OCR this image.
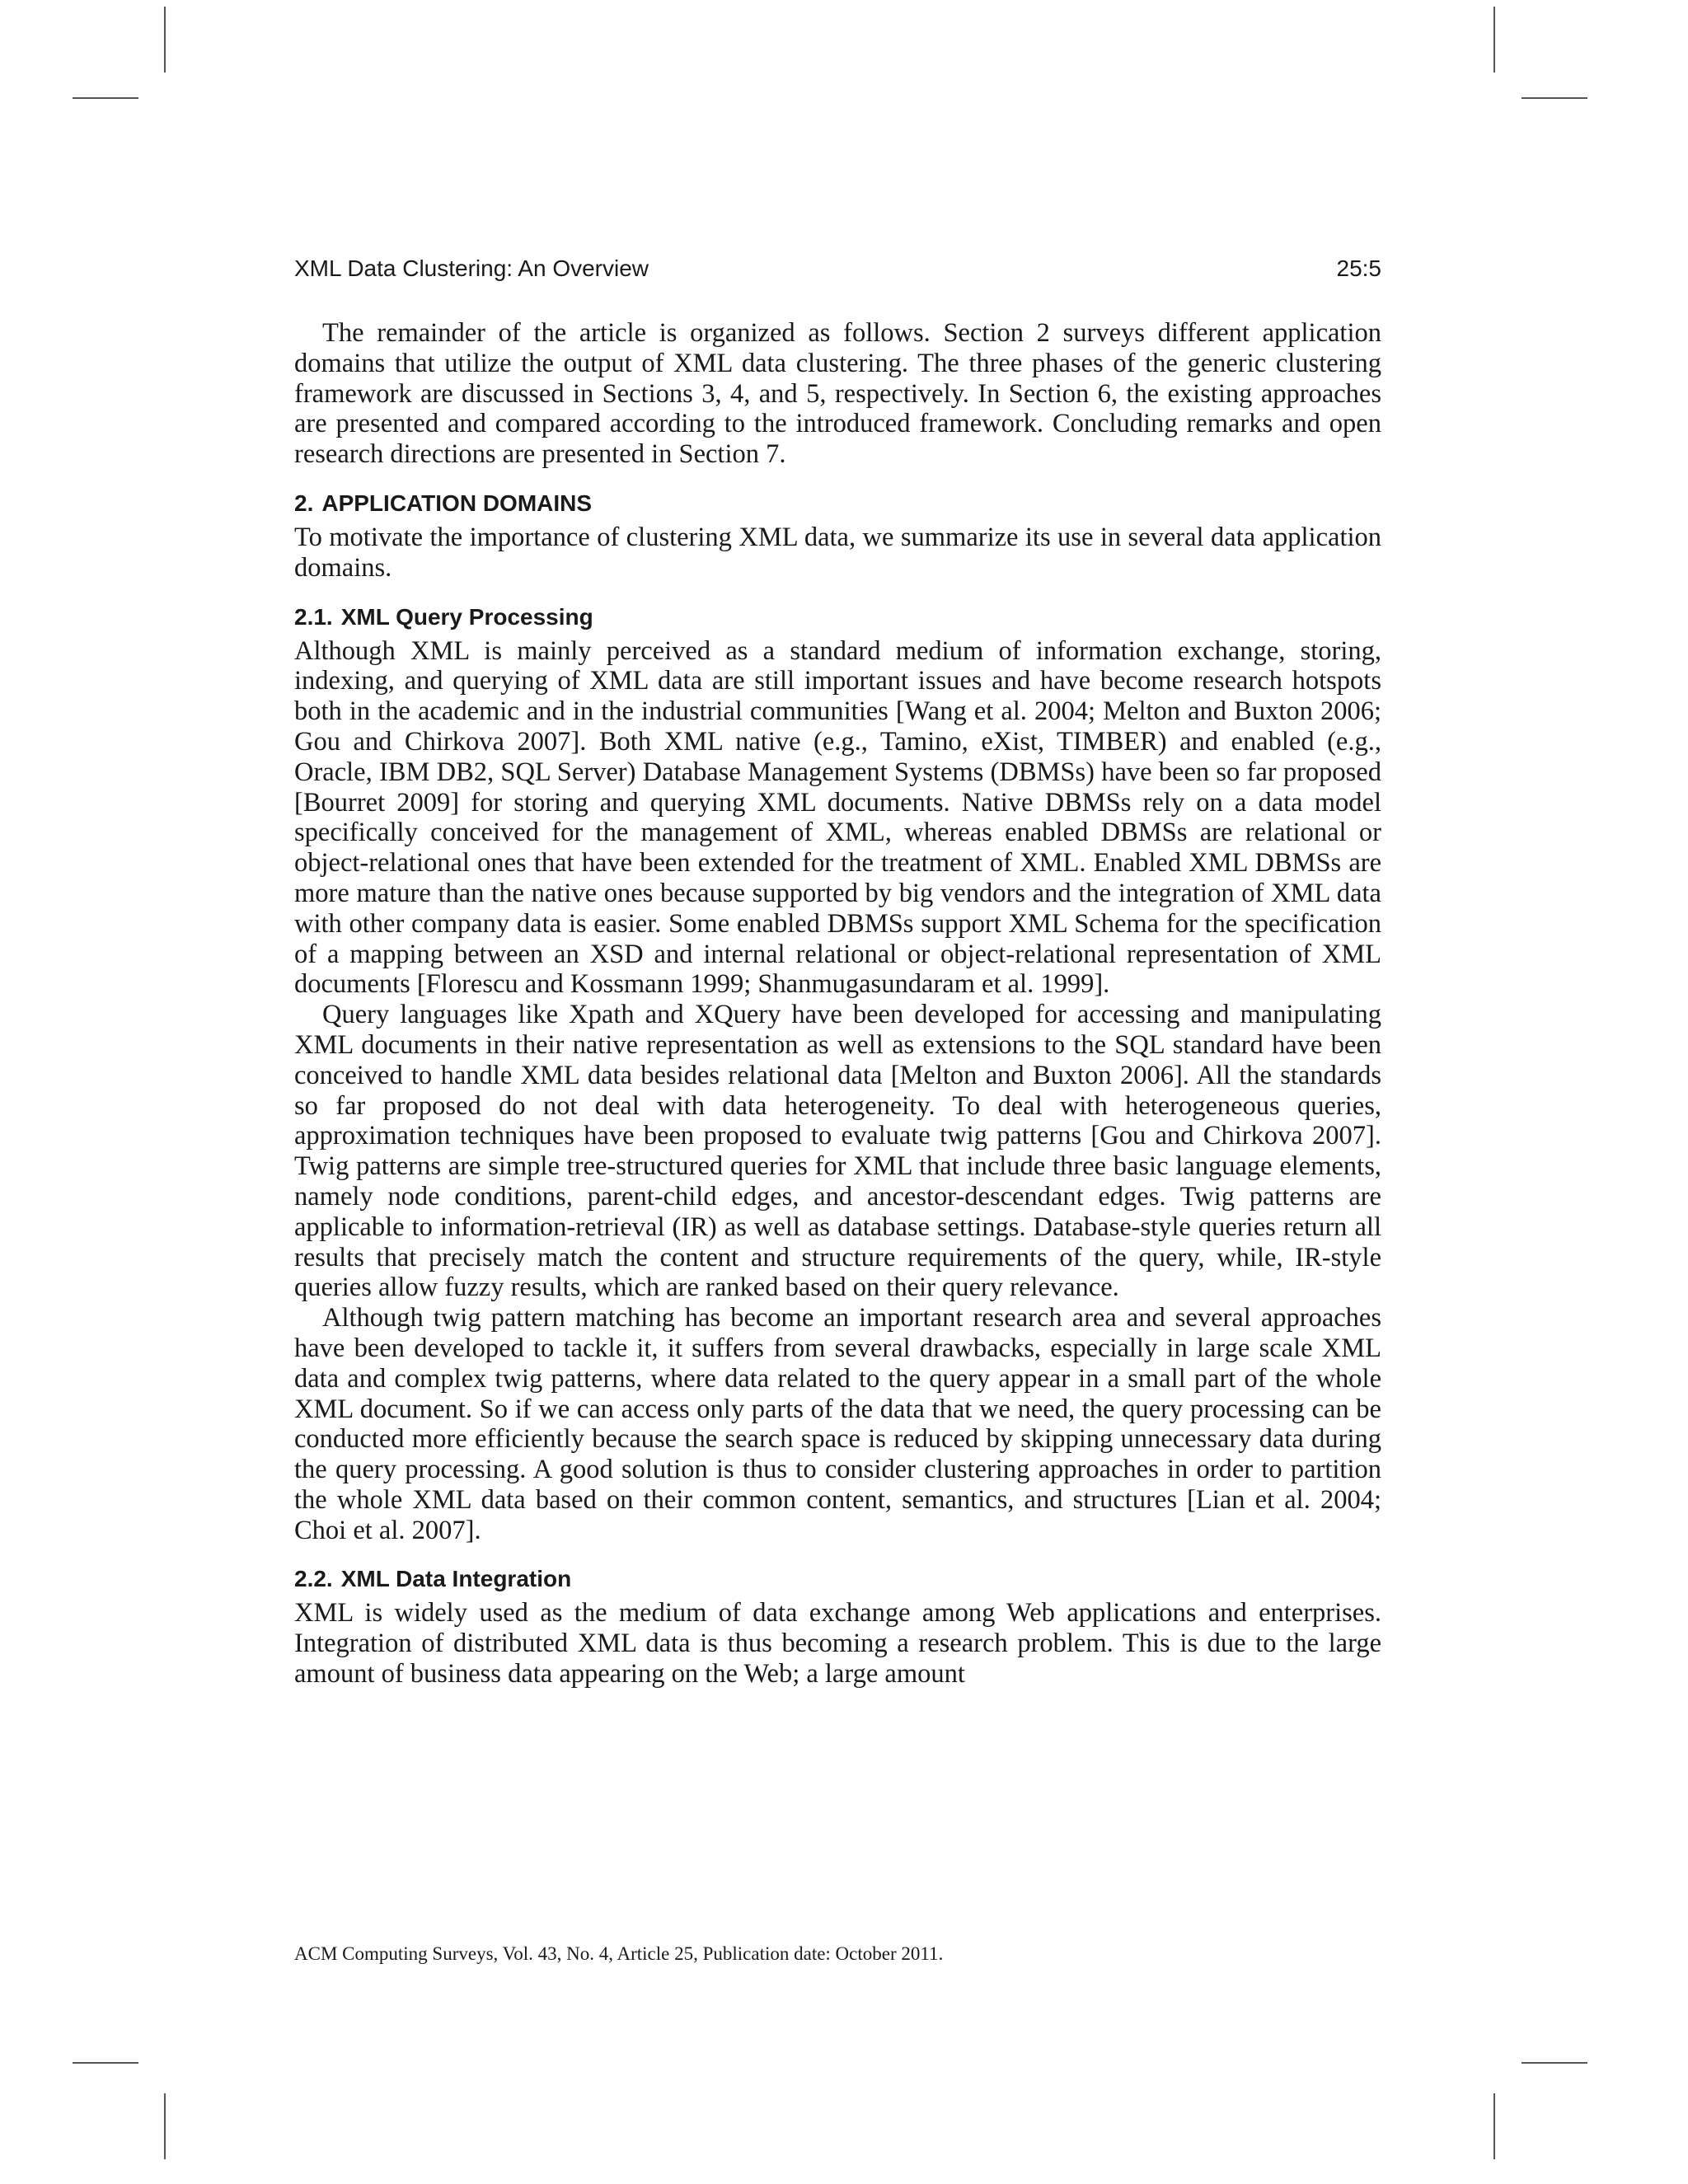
XML Data Clustering: An Overview	25:5

The remainder of the article is organized as follows. Section 2 surveys different application domains that utilize the output of XML data clustering. The three phases of the generic clustering framework are discussed in Sections 3, 4, and 5, respectively. In Section 6, the existing approaches are presented and compared according to the introduced framework. Concluding remarks and open research directions are presented in Section 7.

2. APPLICATION DOMAINS

To motivate the importance of clustering XML data, we summarize its use in several data application domains.

2.1. XML Query Processing

Although XML is mainly perceived as a standard medium of information exchange, storing, indexing, and querying of XML data are still important issues and have become research hotspots both in the academic and in the industrial communities [Wang et al. 2004; Melton and Buxton 2006; Gou and Chirkova 2007]. Both XML native (e.g., Tamino, eXist, TIMBER) and enabled (e.g., Oracle, IBM DB2, SQL Server) Database Management Systems (DBMSs) have been so far proposed [Bourret 2009] for storing and querying XML documents. Native DBMSs rely on a data model specifically conceived for the management of XML, whereas enabled DBMSs are relational or object-relational ones that have been extended for the treatment of XML. Enabled XML DBMSs are more mature than the native ones because supported by big vendors and the integration of XML data with other company data is easier. Some enabled DBMSs support XML Schema for the specification of a mapping between an XSD and internal relational or object-relational representation of XML documents [Florescu and Kossmann 1999; Shanmugasundaram et al. 1999].

Query languages like Xpath and XQuery have been developed for accessing and manipulating XML documents in their native representation as well as extensions to the SQL standard have been conceived to handle XML data besides relational data [Melton and Buxton 2006]. All the standards so far proposed do not deal with data heterogeneity. To deal with heterogeneous queries, approximation techniques have been proposed to evaluate twig patterns [Gou and Chirkova 2007]. Twig patterns are simple tree-structured queries for XML that include three basic language elements, namely node conditions, parent-child edges, and ancestor-descendant edges. Twig patterns are applicable to information-retrieval (IR) as well as database settings. Database-style queries return all results that precisely match the content and structure requirements of the query, while, IR-style queries allow fuzzy results, which are ranked based on their query relevance.

Although twig pattern matching has become an important research area and several approaches have been developed to tackle it, it suffers from several drawbacks, especially in large scale XML data and complex twig patterns, where data related to the query appear in a small part of the whole XML document. So if we can access only parts of the data that we need, the query processing can be conducted more efficiently because the search space is reduced by skipping unnecessary data during the query processing. A good solution is thus to consider clustering approaches in order to partition the whole XML data based on their common content, semantics, and structures [Lian et al. 2004; Choi et al. 2007].

2.2. XML Data Integration

XML is widely used as the medium of data exchange among Web applications and enterprises. Integration of distributed XML data is thus becoming a research problem. This is due to the large amount of business data appearing on the Web; a large amount

ACM Computing Surveys, Vol. 43, No. 4, Article 25, Publication date: October 2011.
